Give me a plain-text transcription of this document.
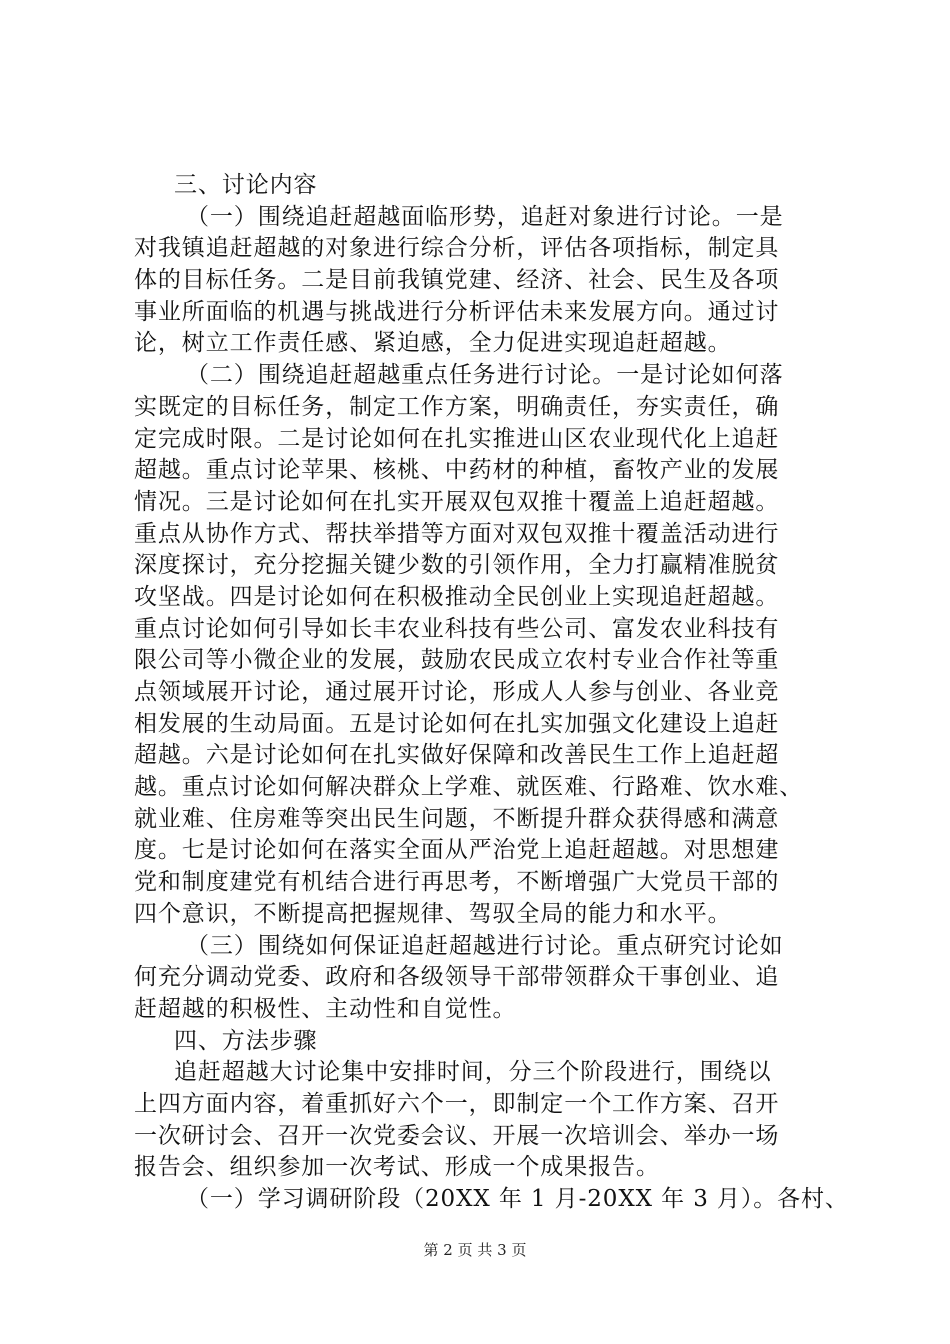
三、讨论内容
（一）围绕追赶超越面临形势，追赶对象进行讨论。一是
对我镇追赶超越的对象进行综合分析，评估各项指标，制定具
体的目标任务。二是目前我镇党建、经济、社会、民生及各项
事业所面临的机遇与挑战进行分析评估未来发展方向。通过讨
论，树立工作责任感、紧迫感，全力促进实现追赶超越。
（二）围绕追赶超越重点任务进行讨论。一是讨论如何落
实既定的目标任务，制定工作方案，明确责任，夯实责任，确
定完成时限。二是讨论如何在扎实推进山区农业现代化上追赶
超越。重点讨论苹果、核桃、中药材的种植，畜牧产业的发展
情况。三是讨论如何在扎实开展双包双推十覆盖上追赶超越。
重点从协作方式、帮扶举措等方面对双包双推十覆盖活动进行
深度探讨，充分挖掘关键少数的引领作用，全力打赢精准脱贫
攻坚战。四是讨论如何在积极推动全民创业上实现追赶超越。
重点讨论如何引导如长丰农业科技有些公司、富发农业科技有
限公司等小微企业的发展，鼓励农民成立农村专业合作社等重
点领域展开讨论，通过展开讨论，形成人人参与创业、各业竞
相发展的生动局面。五是讨论如何在扎实加强文化建设上追赶
超越。六是讨论如何在扎实做好保障和改善民生工作上追赶超
越。重点讨论如何解决群众上学难、就医难、行路难、饮水难、
就业难、住房难等突出民生问题，不断提升群众获得感和满意
度。七是讨论如何在落实全面从严治党上追赶超越。对思想建
党和制度建党有机结合进行再思考，不断增强广大党员干部的
四个意识，不断提高把握规律、驾驭全局的能力和水平。
（三）围绕如何保证追赶超越进行讨论。重点研究讨论如
何充分调动党委、政府和各级领导干部带领群众干事创业、追
赶超越的积极性、主动性和自觉性。
四、方法步骤
追赶超越大讨论集中安排时间，分三个阶段进行，围绕以
上四方面内容，着重抓好六个一，即制定一个工作方案、召开
一次研讨会、召开一次党委会议、开展一次培训会、举办一场
报告会、组织参加一次考试、形成一个成果报告。
（一）学习调研阶段（20XX 年 1 月-20XX 年 3 月）。各村、
第 2 页 共 3 页
